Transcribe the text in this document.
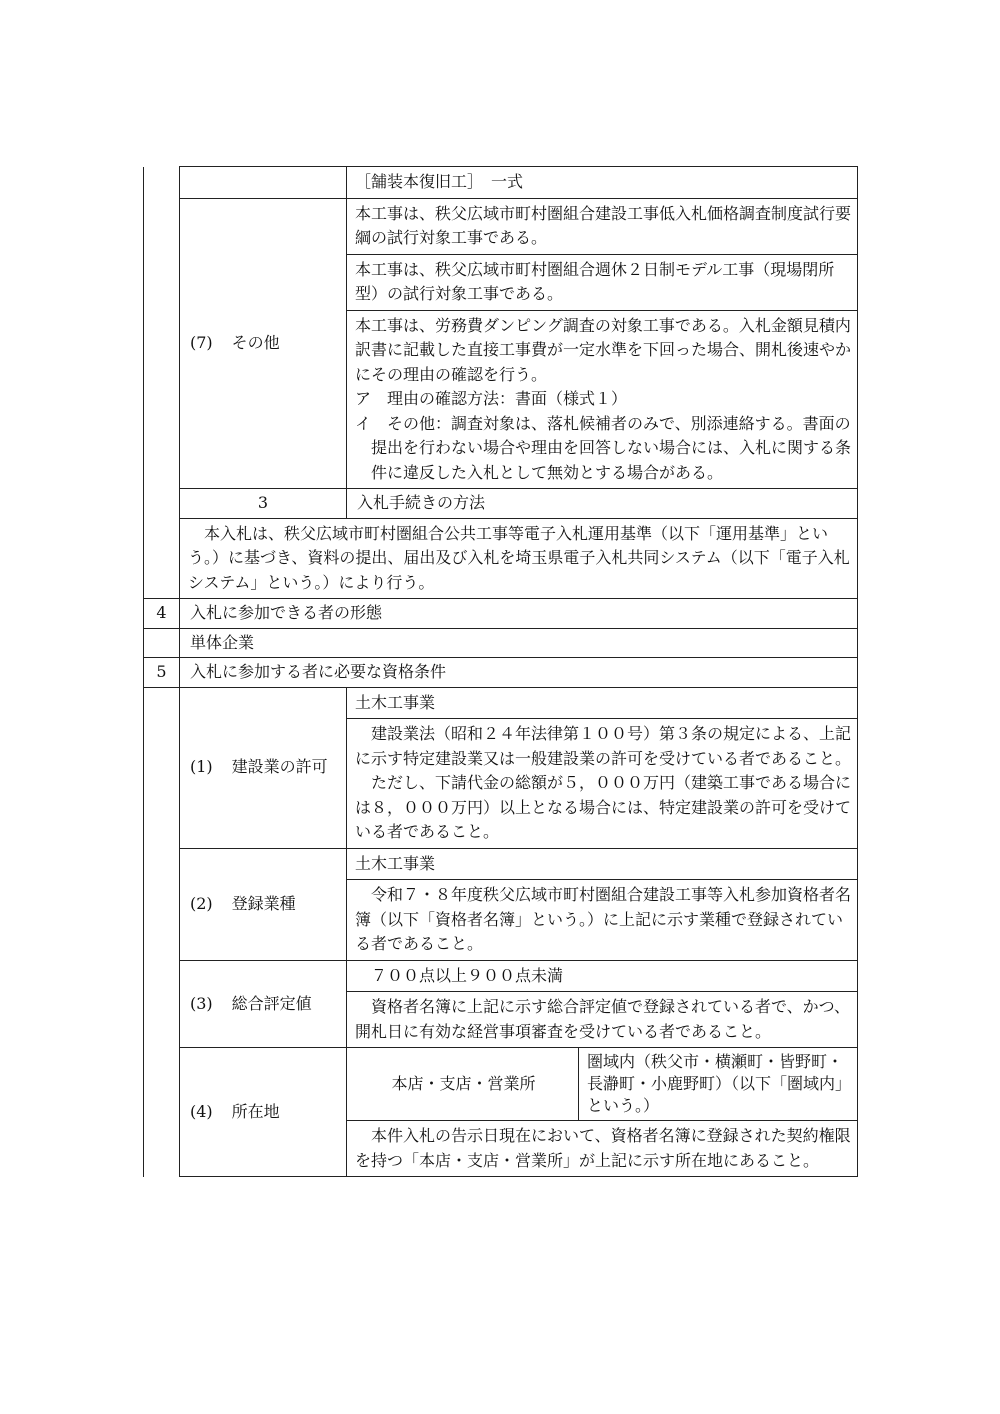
		［舗装本復旧工］　一式	
	(7) その他	本工事は、秩父広域市町村圏組合建設工事低入札価格調査制度試行要綱の試行対象工事である。	
		本工事は、秩父広域市町村圏組合週休２日制モデル工事（現場閉所型）の試行対象工事である。	

		本工事は、労務費ダンピング調査の対象工事である。入札金額見積内訳書に記載した直接工事費が一定水準を下回った場合、開札後速やかにその理由の確認を行う。
ア　理由の確認方法：書面（様式１）
イ　その他：調査対象は、落札候補者のみで、別添連絡する。書面の提出を行わない場合や理由を回答しない場合には、入札に関する条件に違反した入札として無効とする場合がある。	

	3	入札手続きの方法	
	本入札は、秩父広域市町村圏組合公共工事等電子入札運用基準（以下「運用基準」という。）に基づき、資料の提出、届出及び入札を埼玉県電子入札共同システム（以下「電子入札システム」という。）により行う。		
4	入札に参加できる者の形態		
	単体企業		
5	入札に参加する者に必要な資格条件		
	(1) 建設業の許可	土木工事業	

		建設業法（昭和２４年法律第１００号）第３条の規定による、上記に示す特定建設業又は一般建設業の許可を受けている者であること。
ただし、下請代金の総額が５，０００万円（建築工事である場合には８，０００万円）以上となる場合には、特定建設業の許可を受けている者であること。	

	(2) 登録業種	土木工事業	
		令和７・８年度秩父広域市町村圏組合建設工事等入札参加資格者名簿（以下「資格者名簿」という。）に上記に示す業種で登録されている者であること。	
	(3) 総合評定値	７００点以上９００点未満	
		資格者名簿に上記に示す総合評定値で登録されている者で、かつ、開札日に有効な経営事項審査を受けている者であること。	
	(4) 所在地	本店・支店・営業所	圏域内（秩父市・横瀬町・皆野町・長瀞町・小鹿野町）（以下「圏域内」という。）
		本件入札の告示日現在において、資格者名簿に登録された契約権限を持つ「本店・支店・営業所」が上記に示す所在地にあること。	
